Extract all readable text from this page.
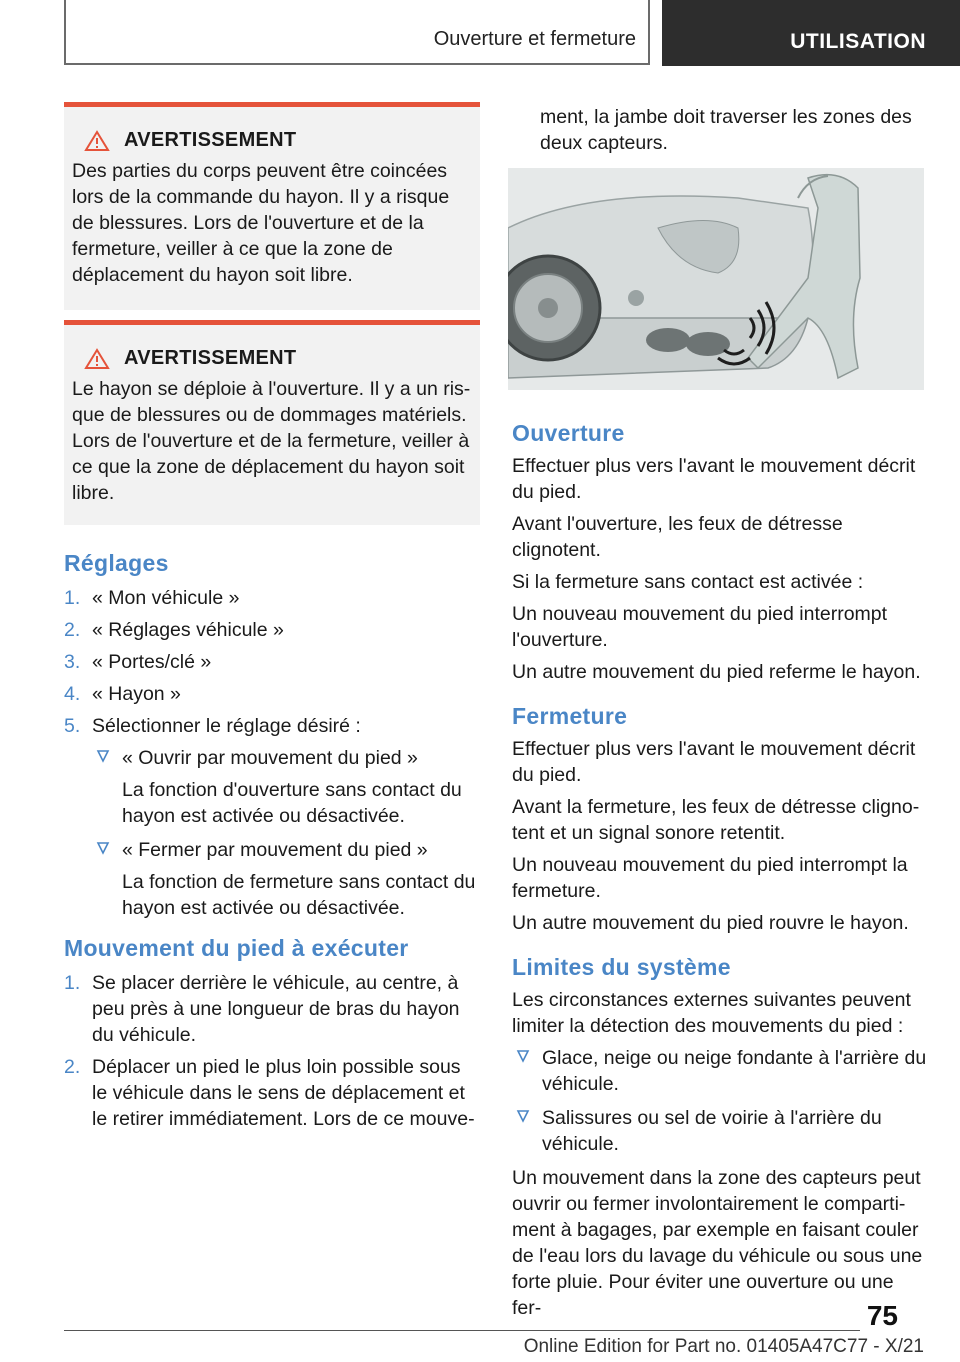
Ouverture et fermeture	UTILISATION
AVERTISSEMENT
Des parties du corps peuvent être coincées lors de la commande du hayon. Il y a risque de blessures. Lors de l'ouverture et de la fermeture, veiller à ce que la zone de déplacement du hayon soit libre.
AVERTISSEMENT
Le hayon se déploie à l'ouverture. Il y a un risque de blessures ou de dommages matériels. Lors de l'ouverture et de la fermeture, veiller à ce que la zone de déplacement du hayon soit libre.
Réglages
1. « Mon véhicule »
2. « Réglages véhicule »
3. « Portes/clé »
4. « Hayon »
5. Sélectionner le réglage désiré :
« Ouvrir par mouvement du pied »
La fonction d'ouverture sans contact du hayon est activée ou désactivée.
« Fermer par mouvement du pied »
La fonction de fermeture sans contact du hayon est activée ou désactivée.
Mouvement du pied à exécuter
1. Se placer derrière le véhicule, au centre, à peu près à une longueur de bras du hayon du véhicule.
2. Déplacer un pied le plus loin possible sous le véhicule dans le sens de déplacement et le retirer immédiatement. Lors de ce mouve-

ment, la jambe doit traverser les zones des deux capteurs.

Ouverture

Effectuer plus vers l'avant le mouvement décrit du pied.

Avant l'ouverture, les feux de détresse clignotent.

Si la fermeture sans contact est activée :

Un nouveau mouvement du pied interrompt l'ouverture.

Un autre mouvement du pied referme le hayon.

Fermeture

Effectuer plus vers l'avant le mouvement décrit du pied.

Avant la fermeture, les feux de détresse clignotent et un signal sonore retentit.

Un nouveau mouvement du pied interrompt la fermeture.

Un autre mouvement du pied rouvre le hayon.

Limites du système

Les circonstances externes suivantes peuvent limiter la détection des mouvements du pied :

Glace, neige ou neige fondante à l'arrière du véhicule.
Salissures ou sel de voirie à l'arrière du véhicule.

Un mouvement dans la zone des capteurs peut ouvrir ou fermer involontairement le compartiment à bagages, par exemple en faisant couler de l'eau lors du lavage du véhicule ou sous une forte pluie. Pour éviter une ouverture ou une fer-	75
Online Edition for Part no. 01405A47C77 - X/21
